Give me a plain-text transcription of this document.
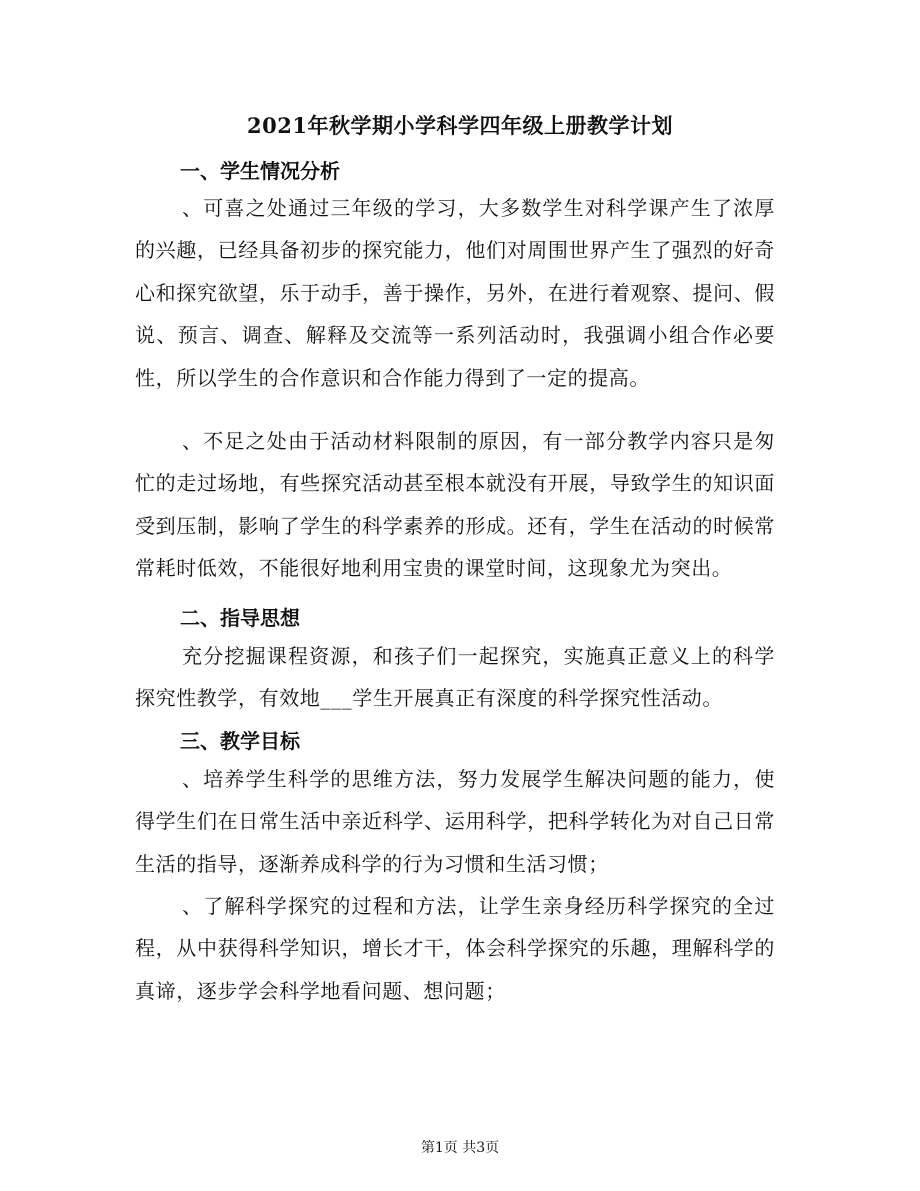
2021年秋学期小学科学四年级上册教学计划
一、学生情况分析
、可喜之处通过三年级的学习，大多数学生对科学课产生了浓厚的兴趣，已经具备初步的探究能力，他们对周围世界产生了强烈的好奇心和探究欲望，乐于动手，善于操作，另外，在进行着观察、提问、假说、预言、调查、解释及交流等一系列活动时，我强调小组合作必要性，所以学生的合作意识和合作能力得到了一定的提高。
、不足之处由于活动材料限制的原因，有一部分教学内容只是匆忙的走过场地，有些探究活动甚至根本就没有开展，导致学生的知识面受到压制，影响了学生的科学素养的形成。还有，学生在活动的时候常常耗时低效，不能很好地利用宝贵的课堂时间，这现象尤为突出。
二、指导思想
充分挖掘课程资源，和孩子们一起探究，实施真正意义上的科学探究性教学，有效地___学生开展真正有深度的科学探究性活动。
三、教学目标
、培养学生科学的思维方法，努力发展学生解决问题的能力，使得学生们在日常生活中亲近科学、运用科学，把科学转化为对自己日常生活的指导，逐渐养成科学的行为习惯和生活习惯；
、了解科学探究的过程和方法，让学生亲身经历科学探究的全过程，从中获得科学知识，增长才干，体会科学探究的乐趣，理解科学的真谛，逐步学会科学地看问题、想问题；
第1页 共3页
